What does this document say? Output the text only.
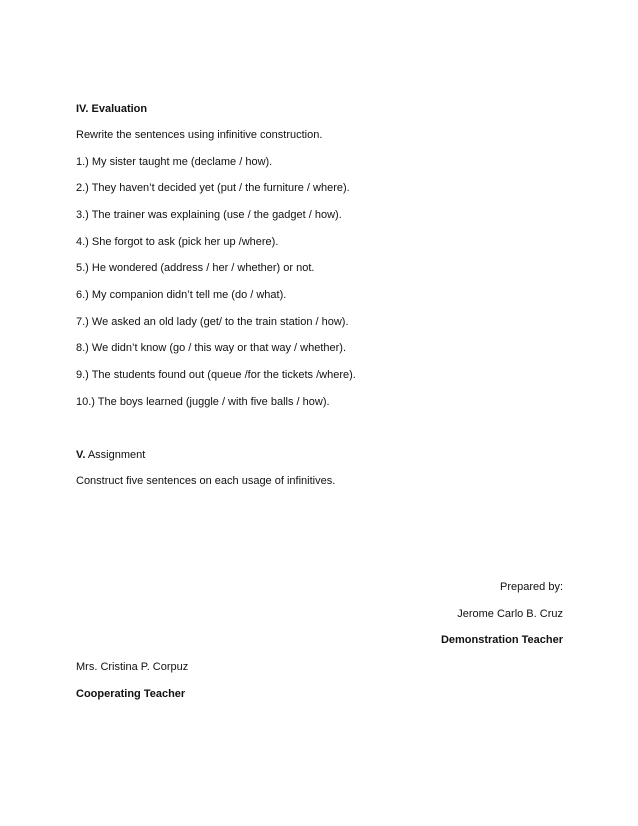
IV. Evaluation
Rewrite the sentences using infinitive construction.
1.) My sister taught me (declame / how).
2.) They haven’t decided yet (put / the furniture / where).
3.) The trainer was explaining (use / the gadget / how).
4.) She forgot to ask (pick her up /where).
5.) He wondered (address / her / whether) or not.
6.) My companion didn’t tell me (do / what).
7.) We asked an old lady (get/ to the train station / how).
8.) We didn’t know (go / this way or that way / whether).
9.) The students found out (queue /for the tickets /where).
10.) The boys learned (juggle / with five balls / how).
V. Assignment
Construct five sentences on each usage of infinitives.
Prepared by:
Jerome Carlo B. Cruz
Demonstration Teacher
Mrs. Cristina P. Corpuz
Cooperating Teacher
